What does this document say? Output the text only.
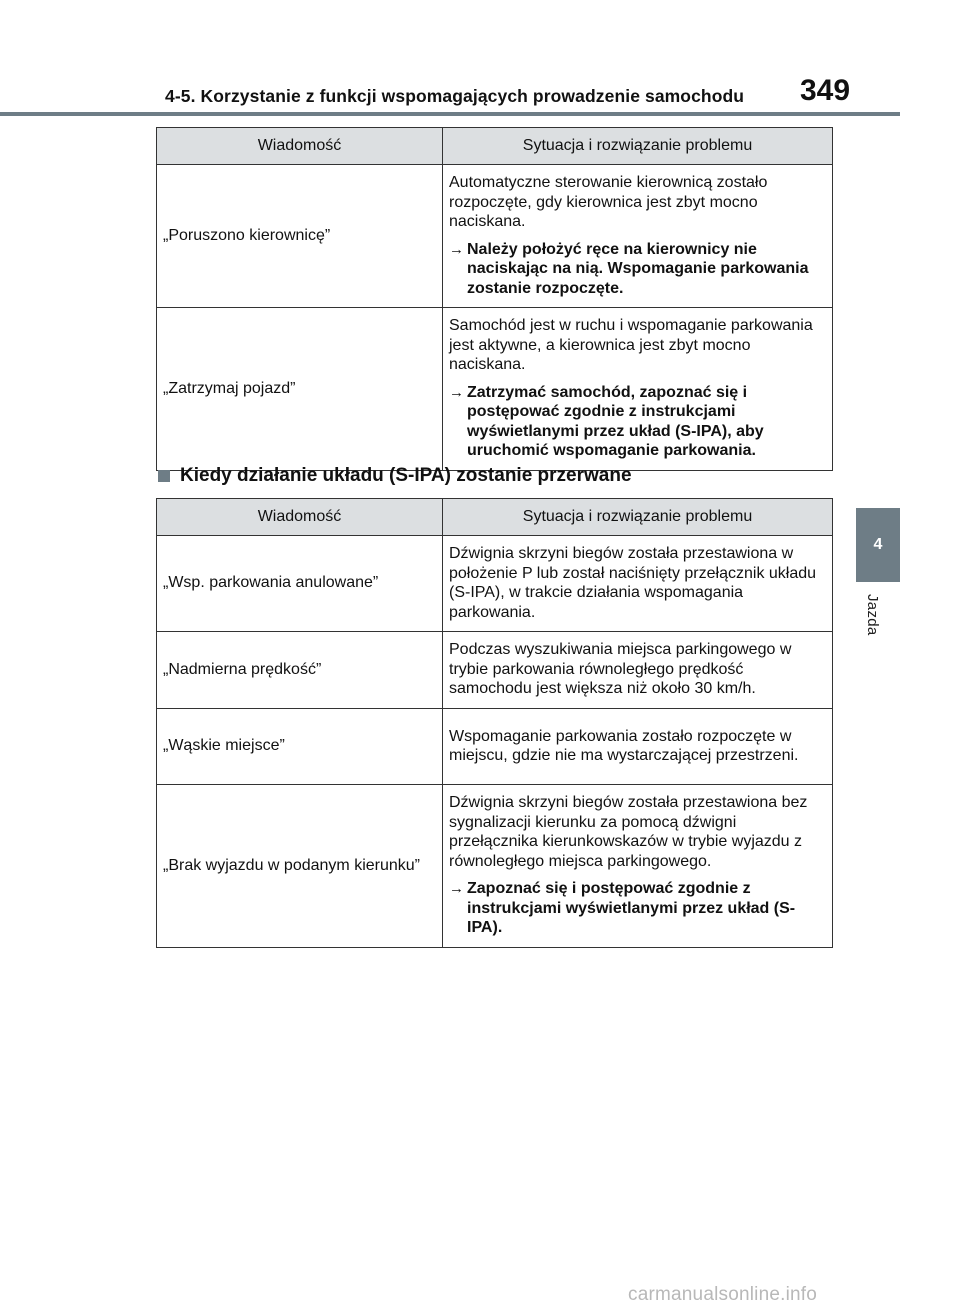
4-5. Korzystanie z funkcji wspomagających prowadzenie samochodu 349
4
Jazda
Wiadomość	Sytuacja i rozwiązanie problemu
„Poruszono kierownicę”	Automatyczne sterowanie kierownicą zostało rozpoczęte, gdy kierownica jest zbyt mocno naciskana.

→ Należy położyć ręce na kierownicy nie naciskając na nią. Wspomaganie parkowania zostanie rozpoczęte.

„Zatrzymaj pojazd”	Samochód jest w ruchu i wspomaganie parkowania jest aktywne, a kierownica jest zbyt mocno naciskana.

→ Zatrzymać samochód, zapoznać się i postępować zgodnie z instrukcjami wyświetlanymi przez układ (S-IPA), aby uruchomić wspomaganie parkowania.

Kiedy działanie układu (S-IPA) zostanie przerwane
Wiadomość	Sytuacja i rozwiązanie problemu
„Wsp. parkowania anulowane”	Dźwignia skrzyni biegów została przestawiona w położenie P lub został naciśnięty przełącznik układu (S-IPA), w trakcie działania wspomagania parkowania.

„Nadmierna prędkość”	Podczas wyszukiwania miejsca parkingowego w trybie parkowania równoległego prędkość samochodu jest większa niż około 30 km/h.

„Wąskie miejsce”	Wspomaganie parkowania zostało rozpoczęte w miejscu, gdzie nie ma wystarczającej przestrzeni.

„Brak wyjazdu w podanym kierunku”	Dźwignia skrzyni biegów została przestawiona bez sygnalizacji kierunku za pomocą dźwigni przełącznika kierunkowskazów w trybie wyjazdu z równoległego miejsca parkingowego.

→ Zapoznać się i postępować zgodnie z instrukcjami wyświetlanymi przez układ (S-IPA).

carmanualsonline.info
